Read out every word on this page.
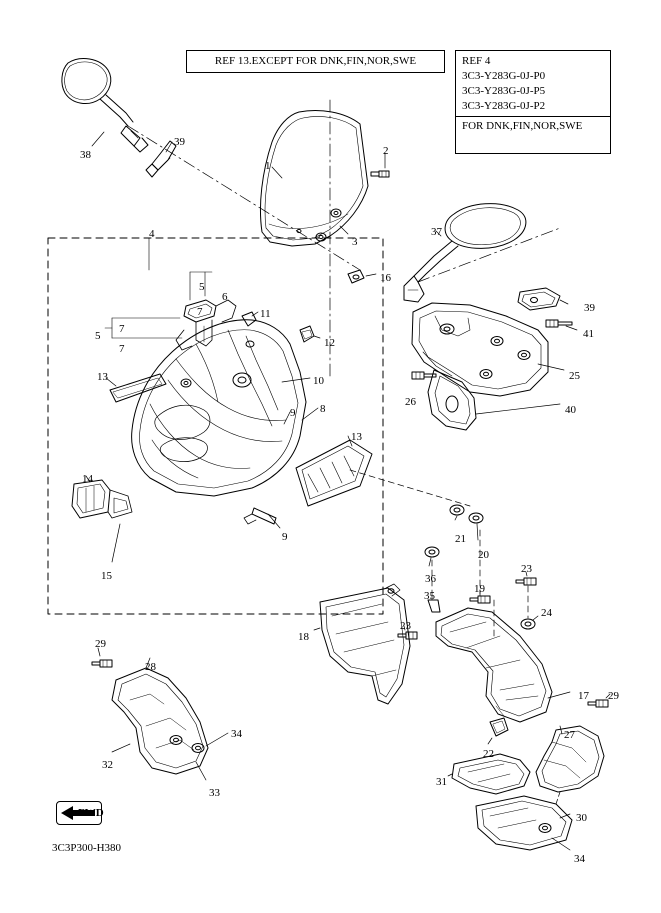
REF 13.EXCEPT FOR DNK,FIN,NOR,SWE	REF 4
3C3-Y283G-0J-P0
3C3-Y283G-0J-P5
3C3-Y283G-0J-P2
FOR DNK,FIN,NOR,SWE
1
2
3
4
5
5
6
7
7
7
8
9
9
10
11
12
13
13
14
15
16
17
18
19
20
21
22
23
23
24
25
26
27
28
29
29
30
31
32
33
34
34
35
36
37
38
39
39
40
41
FWD
3C3P300-H380
